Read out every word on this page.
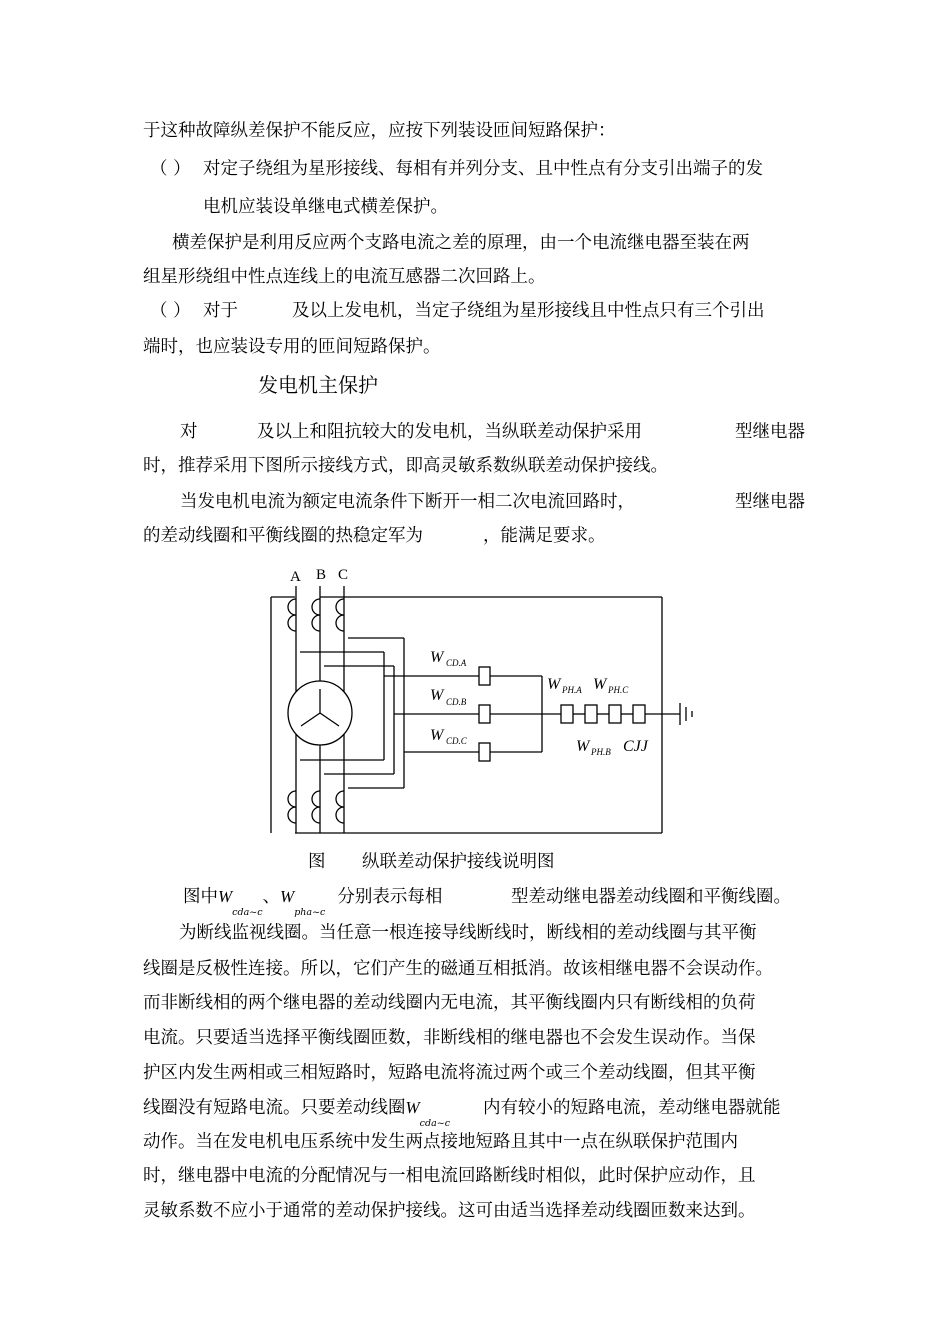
于这种故障纵差保护不能反应，应按下列装设匝间短路保护：
（ ） 对定子绕组为星形接线、每相有并列分支、且中性点有分支引出端子的发
电机应装设单继电式横差保护。
横差保护是利用反应两个支路电流之差的原理，由一个电流继电器至装在两
组星形绕组中性点连线上的电流互感器二次回路上。
（ ） 对于	及以上发电机，当定子绕组为星形接线且中性点只有三个引出
端时，也应装设专用的匝间短路保护。
发电机主保护
对	及以上和阻抗较大的发电机，当纵联差动保护采用	型继电器
时，推荐采用下图所示接线方式，即高灵敏系数纵联差动保护接线。
当发电机电流为额定电流条件下断开一相二次电流回路时，	型继电器
的差动线圈和平衡线圈的热稳定军为	，能满足要求。
A B C
W CD.A
W CD.B
W CD.C
W PH.A W PH.C
W PH.B CJJ
图 纵联差动保护接线说明图
图中$W_{cda\sim c}$、$W_{pha\sim c}$分别表示每相	型差动继电器差动线圈和平衡线圈。
为断线监视线圈。当任意一根连接导线断线时，断线相的差动线圈与其平衡
线圈是反极性连接。所以，它们产生的磁通互相抵消。故该相继电器不会误动作。
而非断线相的两个继电器的差动线圈内无电流，其平衡线圈内只有断线相的负荷
电流。只要适当选择平衡线圈匝数，非断线相的继电器也不会发生误动作。当保
护区内发生两相或三相短路时，短路电流将流过两个或三个差动线圈，但其平衡
线圈没有短路电流。只要差动线圈$W_{cda\sim c}$
内有较小的短路电流，差动继电器就能
动作。当在发电机电压系统中发生两点接地短路且其中一点在纵联保护范围内
时，继电器中电流的分配情况与一相电流回路断线时相似，此时保护应动作，且
灵敏系数不应小于通常的差动保护接线。这可由适当选择差动线圈匝数来达到。
